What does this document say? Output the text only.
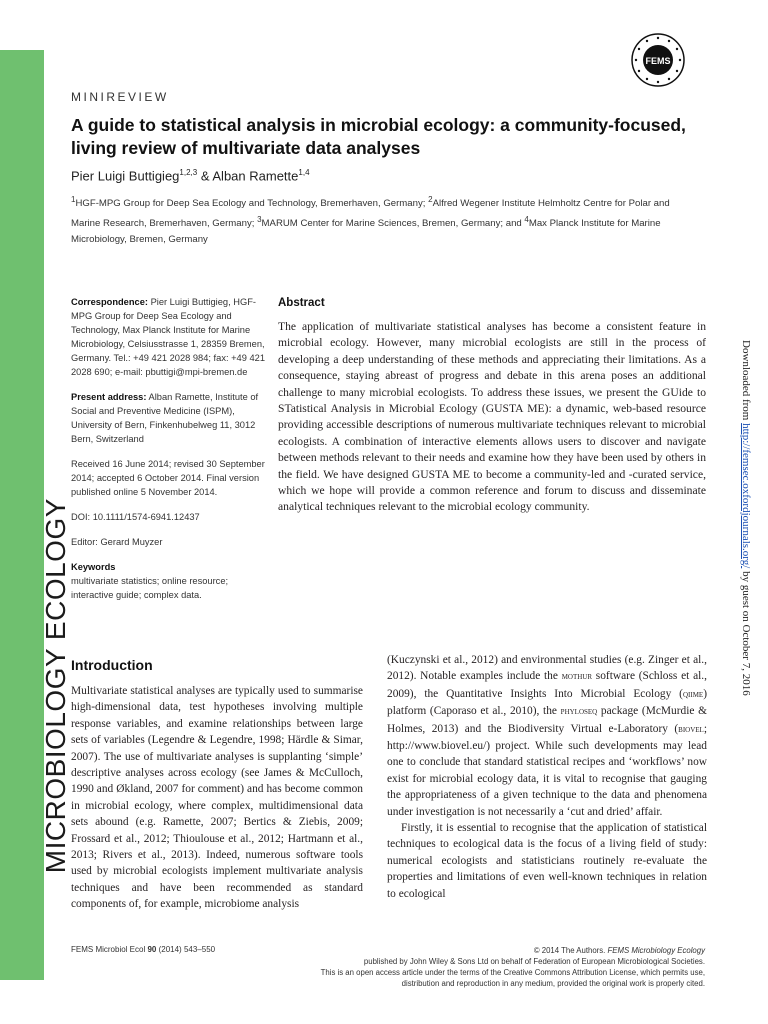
FEMSMICROBIOLOGY ECOLOGY
FEMS
Downloaded from http://femsec.oxfordjournals.org/ by guest on October 7, 2016
MINIREVIEW
A guide to statistical analysis in microbial ecology: a community-focused, living review of multivariate data analyses
Pier Luigi Buttigieg$^{1,2,3}$ & Alban Ramette$^{1,4}$
$^1$HGF-MPG Group for Deep Sea Ecology and Technology, Bremerhaven, Germany; $^2$Alfred Wegener Institute Helmholtz Centre for Polar and Marine Research, Bremerhaven, Germany; $^3$MARUM Center for Marine Sciences, Bremen, Germany; and $^4$Max Planck Institute for Marine Microbiology, Bremen, Germany

Correspondence: Pier Luigi Buttigieg, HGF-MPG Group for Deep Sea Ecology and Technology, Max Planck Institute for Marine Microbiology, Celsiusstrasse 1, 28359 Bremen, Germany. Tel.: +49 421 2028 984; fax: +49 421 2028 690; e-mail: pbuttigi@mpi-bremen.de

Present address: Alban Ramette, Institute of Social and Preventive Medicine (ISPM), University of Bern, Finkenhubelweg 11, 3012 Bern, Switzerland

Received 16 June 2014; revised 30 September 2014; accepted 6 October 2014. Final version published online 5 November 2014.

DOI: 10.1111/1574-6941.12437

Editor: Gerard Muyzer

Keywords

multivariate statistics; online resource; interactive guide; complex data.

Abstract
The application of multivariate statistical analyses has become a consistent feature in microbial ecology. However, many microbial ecologists are still in the process of developing a deep understanding of these methods and appreciating their limitations. As a consequence, staying abreast of progress and debate in this arena poses an additional challenge to many microbial ecologists. To address these issues, we present the GUide to STatistical Analysis in Microbial Ecology (GUSTA ME): a dynamic, web-based resource providing accessible descriptions of numerous multivariate techniques relevant to microbial ecologists. A combination of interactive elements allows users to discover and navigate between methods relevant to their needs and examine how they have been used by others in the field. We have designed GUSTA ME to become a community-led and -curated service, which we hope will provide a common reference and forum to discuss and disseminate analytical techniques relevant to the microbial ecology community.
Introduction

Multivariate statistical analyses are typically used to summarise high-dimensional data, test hypotheses involving multiple response variables, and examine relationships between large sets of variables (Legendre & Legendre, 1998; Härdle & Simar, 2007). The use of multivariate analyses is supplanting ‘simple’ descriptive analyses across ecology (see James & McCulloch, 1990 and Økland, 2007 for comment) and has become common in microbial ecology, where complex, multidimensional data sets abound (e.g. Ramette, 2007; Bertics & Ziebis, 2009; Frossard et al., 2012; Thioulouse et al., 2012; Hartmann et al., 2013; Rivers et al., 2013). Indeed, numerous software tools used by microbial ecologists implement multivariate analysis techniques and have been recommended as standard components of, for example, microbiome analysis

(Kuczynski et al., 2012) and environmental studies (e.g. Zinger et al., 2012). Notable examples include the mothur software (Schloss et al., 2009), the Quantitative Insights Into Microbial Ecology (qiime) platform (Caporaso et al., 2010), the phyloseq package (McMurdie & Holmes, 2013) and the Biodiversity Virtual e-Laboratory (biovel; http://www.biovel.eu/) project. While such developments may lead one to conclude that standard statistical recipes and ‘workflows’ now exist for microbial ecology data, it is vital to recognise that gauging the appropriateness of a given technique to the data and phenomena under investigation is not necessarily a ‘cut and dried’ affair.

Firstly, it is essential to recognise that the application of statistical techniques to ecological data is the focus of a living field of study: numerical ecologists and statisticians routinely re-evaluate the properties and limitations of even well-known techniques in relation to ecological

FEMS Microbiol Ecol 90 (2014) 543–550	© 2014 The Authors. FEMS Microbiology Ecology
published by John Wiley & Sons Ltd on behalf of Federation of European Microbiological Societies.
This is an open access article under the terms of the Creative Commons Attribution License, which permits use,
distribution and reproduction in any medium, provided the original work is properly cited.
